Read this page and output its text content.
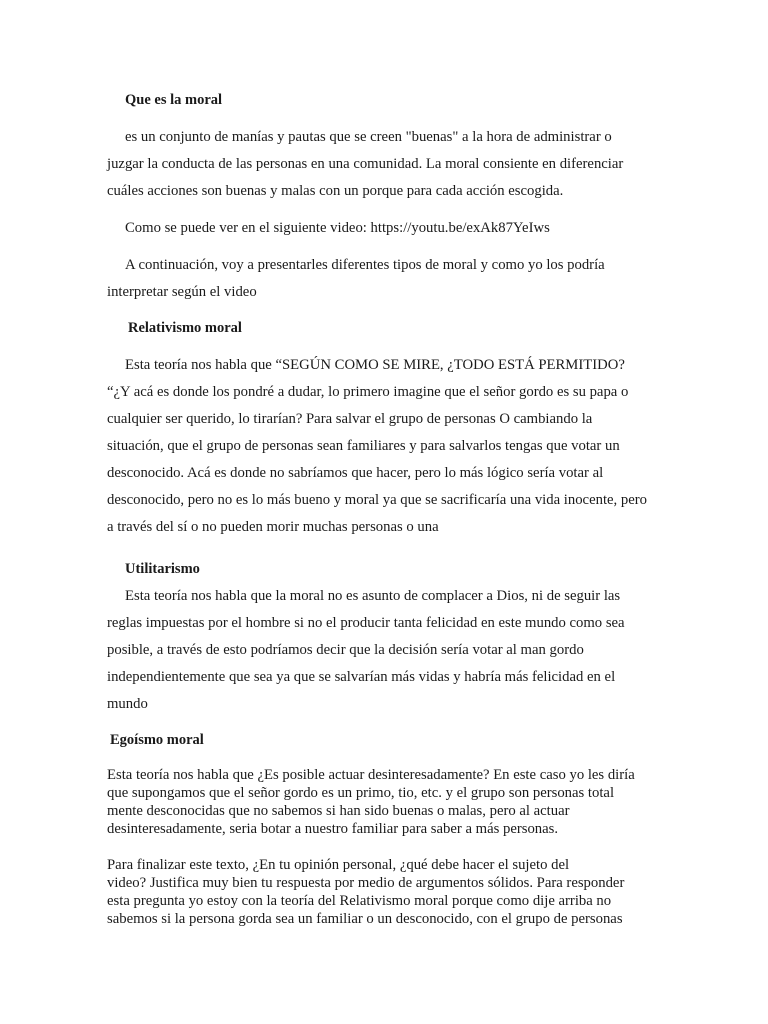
Que es la moral
es un conjunto de manías y pautas que se creen "buenas" a la hora de administrar o
juzgar la conducta de las personas en una comunidad. La moral consiente en diferenciar
cuáles acciones son buenas y malas con un porque para cada acción escogida.
Como se puede ver en el siguiente video: https://youtu.be/exAk87YeIws
A continuación, voy a presentarles diferentes tipos de moral y como yo los podría
interpretar según el video
Relativismo moral
Esta teoría nos habla que “SEGÚN COMO SE MIRE, ¿TODO ESTÁ PERMITIDO?
“¿Y acá es donde los pondré a dudar, lo primero imagine que el señor gordo es su papa o
cualquier ser querido, lo tirarían? Para salvar el grupo de personas O cambiando la
situación, que el grupo de personas sean familiares y para salvarlos tengas que votar un
desconocido. Acá es donde no sabríamos que hacer, pero lo más lógico sería votar al
desconocido, pero no es lo más bueno y moral ya que se sacrificaría una vida inocente, pero
a través del sí o no pueden morir muchas personas o una
Utilitarismo
Esta teoría nos habla que la moral no es asunto de complacer a Dios, ni de seguir las
reglas impuestas por el hombre si no el producir tanta felicidad en este mundo como sea
posible, a través de esto podríamos decir que la decisión sería votar al man gordo
independientemente que sea ya que se salvarían más vidas y habría más felicidad en el
mundo
Egoísmo moral
Esta teoría nos habla que ¿Es posible actuar desinteresadamente? En este caso yo les diría
que supongamos que el señor gordo es un primo, tio, etc. y el grupo son personas total
mente desconocidas que no sabemos si han sido buenas o malas, pero al actuar
desinteresadamente, seria botar a nuestro familiar para saber a más personas.
Para finalizar este texto, ¿En tu opinión personal, ¿qué debe hacer el sujeto del
video? Justifica muy bien tu respuesta por medio de argumentos sólidos. Para responder
esta pregunta yo estoy con la teoría del Relativismo moral porque como dije arriba no
sabemos si la persona gorda sea un familiar o un desconocido, con el grupo de personas
